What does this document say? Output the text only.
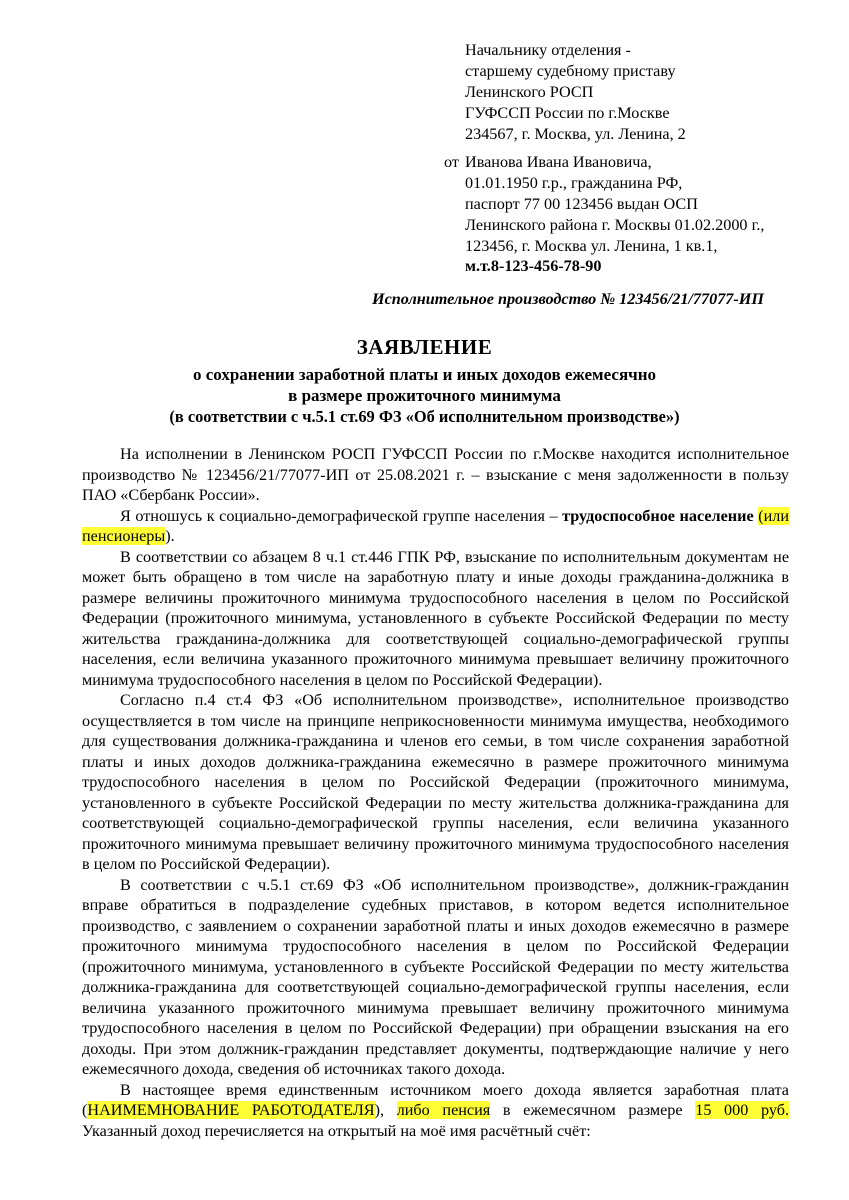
Начальнику отделения -
старшему судебному приставу
Ленинского РОСП
ГУФССП России по г.Москве
234567, г. Москва, ул. Ленина, 2
от Иванова Ивана Ивановича,
01.01.1950 г.р., гражданина РФ,
паспорт 77 00 123456 выдан ОСП
Ленинского района г. Москвы 01.02.2000 г.,
123456, г. Москва ул. Ленина, 1 кв.1,
м.т.8-123-456-78-90
Исполнительное производство № 123456/21/77077-ИП
ЗАЯВЛЕНИЕ
о сохранении заработной платы и иных доходов ежемесячно
в размере прожиточного минимума
(в соответствии с ч.5.1 ст.69 ФЗ «Об исполнительном производстве»)

На исполнении в Ленинском РОСП ГУФССП России по г.Москве находится исполнительное производство № 123456/21/77077-ИП от 25.08.2021 г. – взыскание с меня задолженности в пользу ПАО «Сбербанк России».

Я отношусь к социально-демографической группе населения – трудоспособное население (или пенсионеры).

В соответствии со абзацем 8 ч.1 ст.446 ГПК РФ, взыскание по исполнительным документам не может быть обращено в том числе на заработную плату и иные доходы гражданина-должника в размере величины прожиточного минимума трудоспособного населения в целом по Российской Федерации (прожиточного минимума, установленного в субъекте Российской Федерации по месту жительства гражданина-должника для соответствующей социально-демографической группы населения, если величина указанного прожиточного минимума превышает величину прожиточного минимума трудоспособного населения в целом по Российской Федерации).

Согласно п.4 ст.4 ФЗ «Об исполнительном производстве», исполнительное производство осуществляется в том числе на принципе неприкосновенности минимума имущества, необходимого для существования должника-гражданина и членов его семьи, в том числе сохранения заработной платы и иных доходов должника-гражданина ежемесячно в размере прожиточного минимума трудоспособного населения в целом по Российской Федерации (прожиточного минимума, установленного в субъекте Российской Федерации по месту жительства должника-гражданина для соответствующей социально-демографической группы населения, если величина указанного прожиточного минимума превышает величину прожиточного минимума трудоспособного населения в целом по Российской Федерации).

В соответствии с ч.5.1 ст.69 ФЗ «Об исполнительном производстве», должник-гражданин вправе обратиться в подразделение судебных приставов, в котором ведется исполнительное производство, с заявлением о сохранении заработной платы и иных доходов ежемесячно в размере прожиточного минимума трудоспособного населения в целом по Российской Федерации (прожиточного минимума, установленного в субъекте Российской Федерации по месту жительства должника-гражданина для соответствующей социально-демографической группы населения, если величина указанного прожиточного минимума превышает величину прожиточного минимума трудоспособного населения в целом по Российской Федерации) при обращении взыскания на его доходы. При этом должник-гражданин представляет документы, подтверждающие наличие у него ежемесячного дохода, сведения об источниках такого дохода.

В настоящее время единственным источником моего дохода является заработная плата (НАИМЕМНОВАНИЕ РАБОТОДАТЕЛЯ), либо пенсия в ежемесячном размере 15 000 руб. Указанный доход перечисляется на открытый на моё имя расчётный счёт:
